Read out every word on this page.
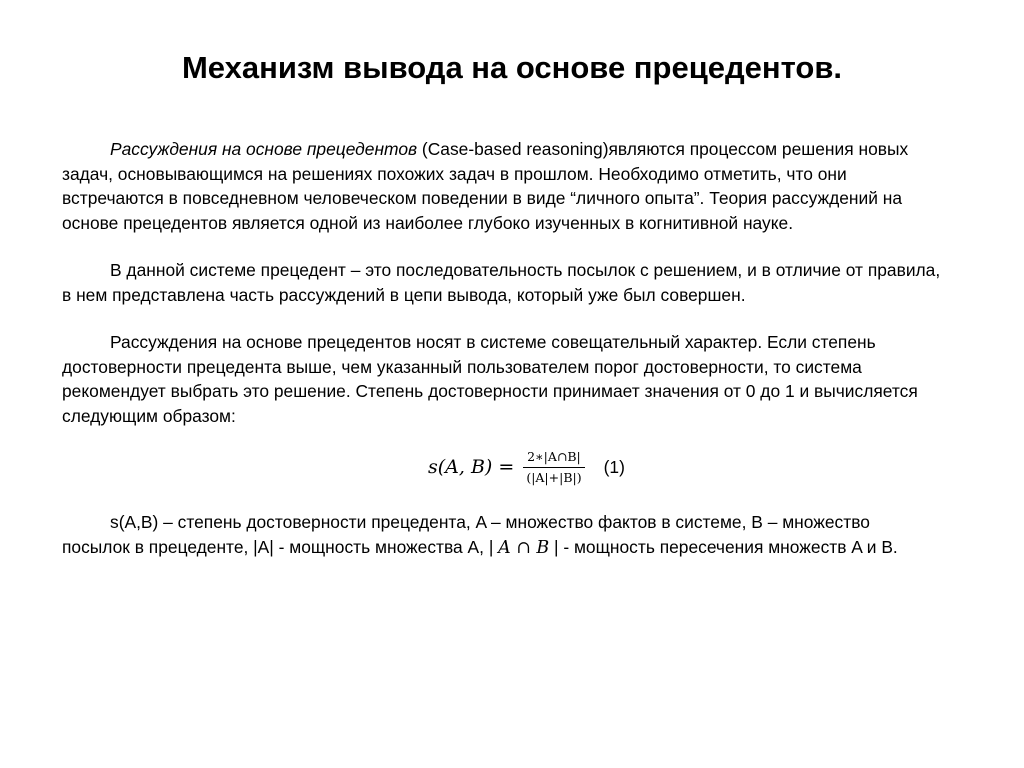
Механизм вывода на основе прецедентов.

Рассуждения на основе прецедентов (Case-based reasoning)являются процессом решения новых задач, основывающимся на решениях похожих задач в прошлом. Необходимо отметить, что они встречаются в повседневном человеческом поведении в виде “личного опыта”. Теория рассуждений на основе прецедентов является одной из наиболее глубоко изученных в когнитивной науке.

В данной системе прецедент – это последовательность посылок с решением, и в отличие от правила, в нем представлена часть рассуждений в цепи вывода, который уже был совершен.

Рассуждения на основе прецедентов носят в системе совещательный характер. Если степень достоверности прецедента выше, чем указанный пользователем порог достоверности, то система рекомендует выбрать это решение. Степень достоверности принимает значения от 0 до 1 и вычисляется следующим образом:

s(A, $B) = \frac{2∗|A\cap B|}{(|A|+|B|)} (1)$

s(A,B) – степень достоверности прецедента, A – множество фактов в системе, B – множество посылок в прецеденте, |A| - мощность множества A, | A ∩ B | - мощность пересечения множеств A и B.
